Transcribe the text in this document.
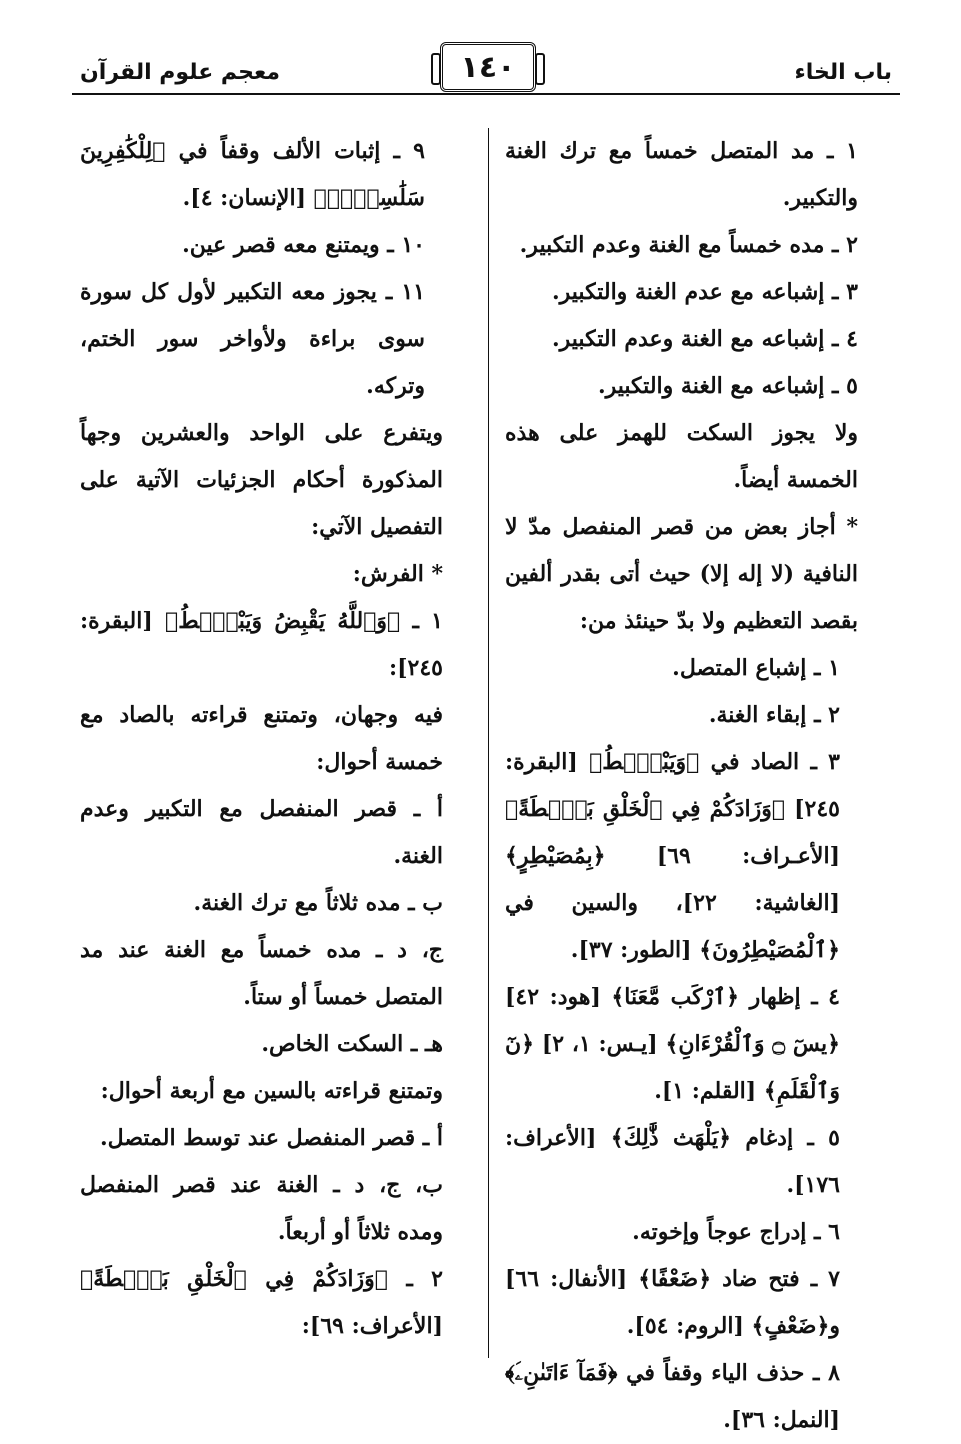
باب الخاء
١٤٠
معجم علوم القرآن

١ ـ مد المتصل خمساً مع ترك الغنة والتكبير.

٢ ـ مده خمساً مع الغنة وعدم التكبير.

٣ ـ إشباعه مع عدم الغنة والتكبير.

٤ ـ إشباعه مع الغنة وعدم التكبير.

٥ ـ إشباعه مع الغنة والتكبير.

ولا يجوز السكت للهمز على هذه الخمسة أيضاً.

* أجاز بعض من قصر المنفصل مدّ لا النافية (لا إله إلا) حيث أتى بقدر ألفين بقصد التعظيم ولا بدّ حينئذ من:

١ ـ إشباع المتصل.

٢ ـ إبقاء الغنة.

٣ ـ الصاد في ﴿وَيَبْصُۜطُ﴾ [البقرة: ٢٤٥] ﴿وَزَادَكُمْ فِي ٱلْخَلْقِ بَصْۜطَةً﴾ [الأعـراف: ٦٩] ﴿بِمُصَيْطِرٍ﴾ [الغاشية: ٢٢]، والسين في ﴿ٱلْمُصَيْطِرُونَ﴾ [الطور: ٣٧].

٤ ـ إظهار ﴿ٱرْكَب مَّعَنَا﴾ [هود: ٤٢] ﴿يسٓ ۝ وَٱلْقُرْءَانِ﴾ [يـس: ١، ٢] ﴿نٓ وَٱلْقَلَمِ﴾ [القلم: ١].

٥ ـ إدغام ﴿يَلْهَث ذَّٰلِكَ﴾ [الأعراف: ١٧٦].

٦ ـ إدراج عوجاً وإخوته.

٧ ـ فتح ضاد ﴿ضَعْفًا﴾ [الأنفال: ٦٦] و﴿ضَعْفٍ﴾ [الروم: ٥٤].

٨ ـ حذف الياء وقفاً في ﴿فَمَآ ءَاتَىٰنِۦَ﴾ [النمل: ٣٦].

٩ ـ إثبات الألف وقفاً في ﴿لِلْكَٰفِرِينَ سَلَٰسِلَا۟﴾ [الإنسان: ٤].

١٠ ـ ويمتنع معه قصر عين.

١١ ـ يجوز معه التكبير لأول كل سورة سوى براءة ولأواخر سور الختم، وتركه.

ويتفرع على الواحد والعشرين وجهاً المذكورة أحكام الجزئيات الآتية على التفصيل الآتي:

* الفرش:

١ ـ ﴿وَٱللَّهُ يَقْبِضُ وَيَبْصُۜطُ﴾ [البقرة: ٢٤٥]:

فيه وجهان، وتمتنع قراءته بالصاد مع خمسة أحوال:

أ ـ قصر المنفصل مع التكبير وعدم الغنة.

ب ـ مده ثلاثاً مع ترك الغنة.

ج، د ـ مده خمساً مع الغنة عند مد المتصل خمساً أو ستاً.

هـ ـ السكت الخاص.

وتمتنع قراءته بالسين مع أربعة أحوال:

أ ـ قصر المنفصل عند توسط المتصل.

ب، ج، د ـ الغنة عند قصر المنفصل ومده ثلاثاً أو أربعاً.

٢ ـ ﴿وَزَادَكُمْ فِي ٱلْخَلْقِ بَصْۜطَةً﴾ [الأعراف: ٦٩]:
